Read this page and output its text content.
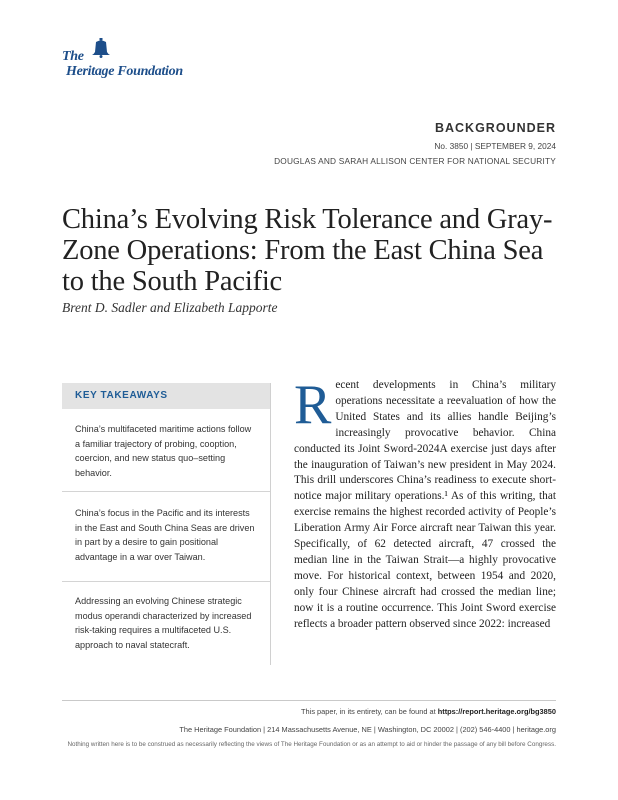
The
Heritage Foundation

BACKGROUNDER

No. 3850 | SEPTEMBER 9, 2024

DOUGLAS AND SARAH ALLISON CENTER FOR NATIONAL SECURITY

China’s Evolving Risk Tolerance and Gray-Zone Operations: From the East China Sea to the South Pacific

Brent D. Sadler and Elizabeth Lapporte

KEY TAKEAWAYS

China’s multifaceted maritime actions follow a familiar trajectory of probing, cooption, coercion, and new status quo–setting behavior.

China’s focus in the Pacific and its interests in the East and South China Seas are driven in part by a desire to gain positional advantage in a war over Taiwan.

Addressing an evolving Chinese strategic modus operandi characterized by increased risk-taking requires a multifaceted U.S. approach to naval statecraft.

Recent developments in China’s military operations necessitate a reevaluation of how the United States and its allies handle Beijing’s increasingly provocative behavior. China conducted its Joint Sword-2024A exercise just days after the inauguration of Taiwan’s new president in May 2024. This drill underscores China’s readiness to execute short-notice major military operations.¹ As of this writing, that exercise remains the highest recorded activity of People’s Liberation Army Air Force aircraft near Taiwan this year. Specifically, of 62 detected aircraft, 47 crossed the median line in the Taiwan Strait—a highly provocative move. For historical context, between 1954 and 2020, only four Chinese aircraft had crossed the median line; now it is a routine occurrence. This Joint Sword exercise reflects a broader pattern observed since 2022: increased

This paper, in its entirety, can be found at https://report.heritage.org/bg3850

The Heritage Foundation | 214 Massachusetts Avenue, NE | Washington, DC 20002 | (202) 546-4400 | heritage.org

Nothing written here is to be construed as necessarily reflecting the views of The Heritage Foundation or as an attempt to aid or hinder the passage of any bill before Congress.
